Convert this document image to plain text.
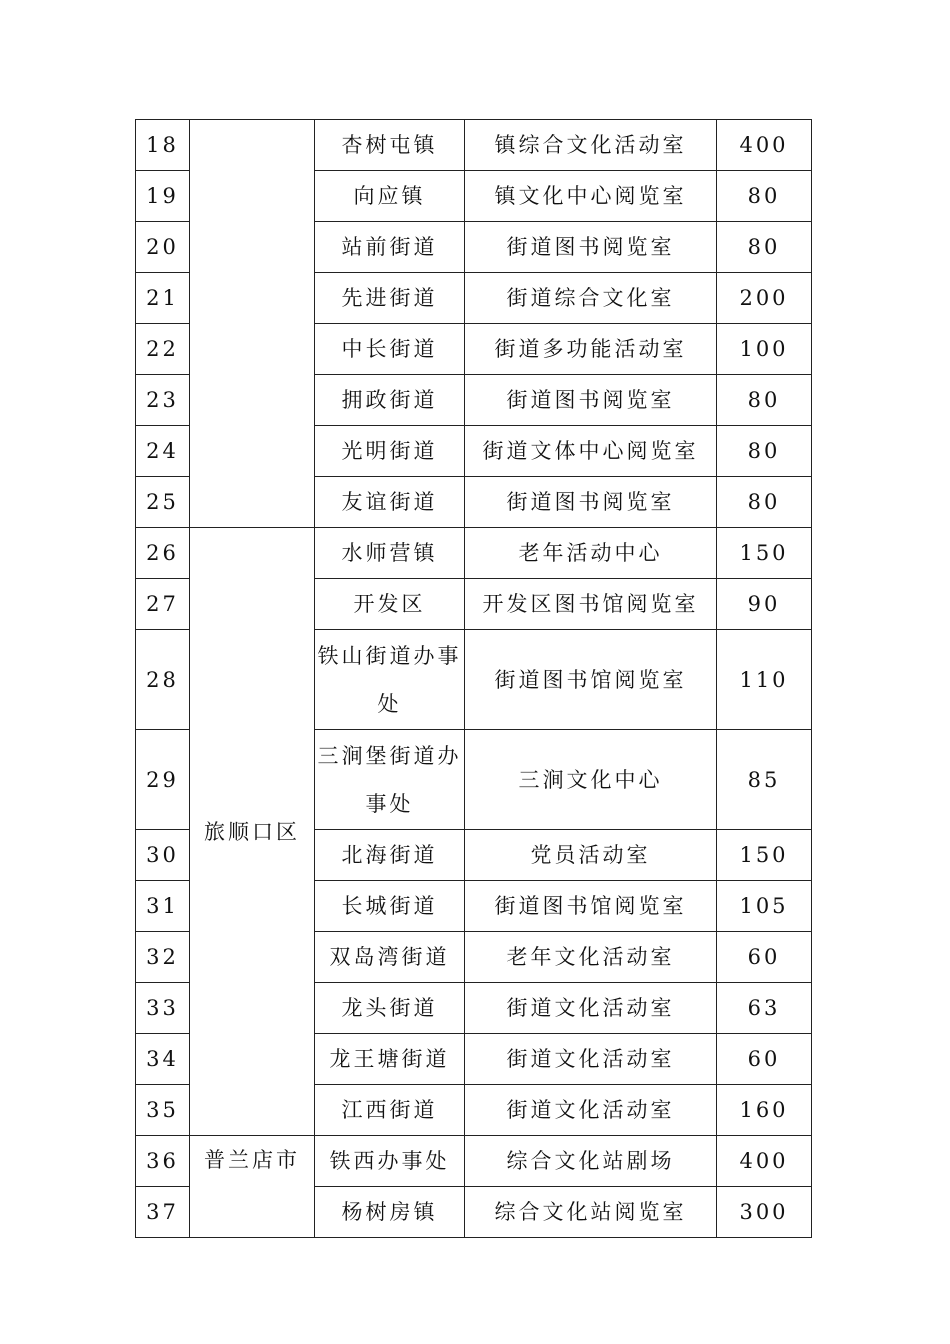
18		杏树屯镇	镇综合文化活动室	400
19		向应镇	镇文化中心阅览室	80
20		站前街道	街道图书阅览室	80
21		先进街道	街道综合文化室	200
22		中长街道	街道多功能活动室	100
23		拥政街道	街道图书阅览室	80
24		光明街道	街道文体中心阅览室	80
25		友谊街道	街道图书阅览室	80
26	旅顺口区	水师营镇	老年活动中心	150
27		开发区	开发区图书馆阅览室	90
28		铁山街道办事处	街道图书馆阅览室	110
29		三涧堡街道办事处	三涧文化中心	85
30		北海街道	党员活动室	150
31		长城街道	街道图书馆阅览室	105
32		双岛湾街道	老年文化活动室	60
33		龙头街道	街道文化活动室	63
34		龙王塘街道	街道文化活动室	60
35		江西街道	街道文化活动室	160
36	普兰店市	铁西办事处	综合文化站剧场	400
37		杨树房镇	综合文化站阅览室	300
